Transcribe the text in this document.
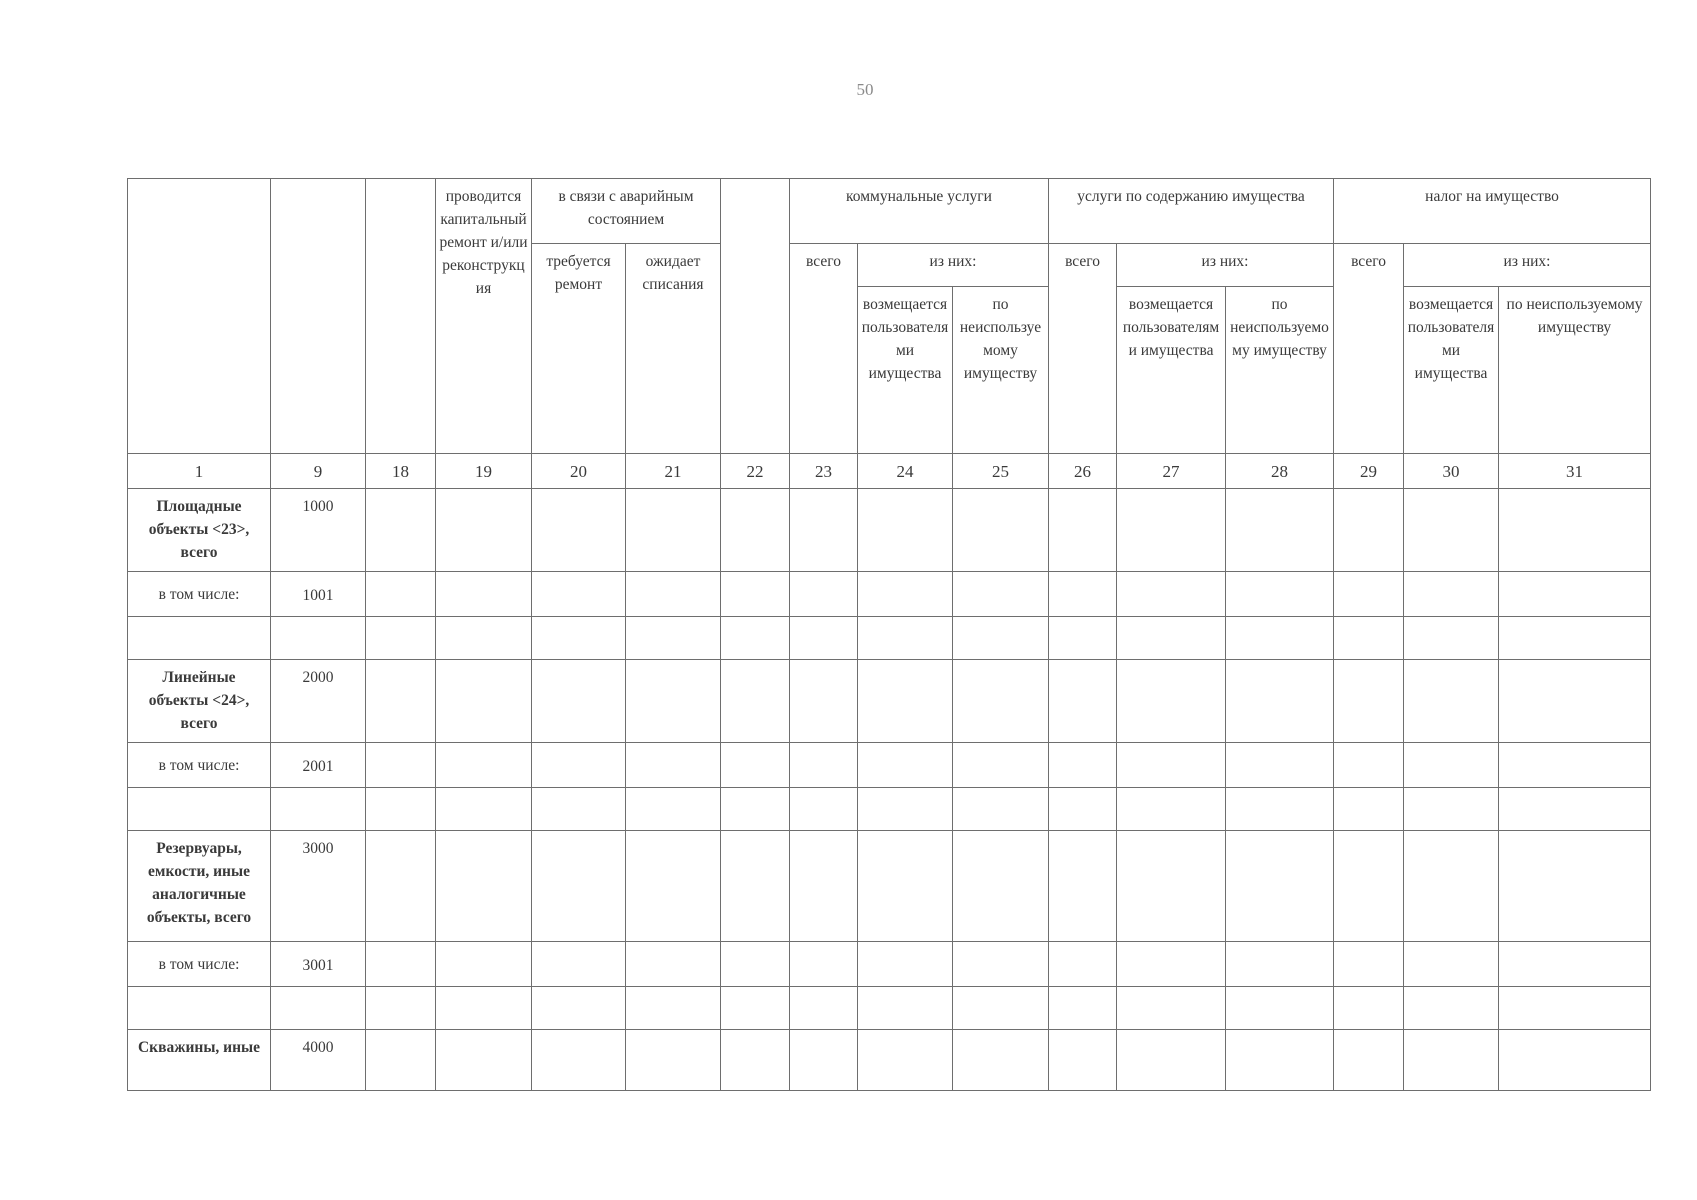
50
			проводится капитальный ремонт и/или реконструкция	в связи с аварийным состоянием			коммунальные услуги			услуги по содержанию имущества			налог на имущество		
				требуется ремонт	ожидает списания		всего	из них:		всего	из них:		всего	из них:	
								возмещается пользователями имущества	по неиспользуемому имуществу		возмещается пользователями имущества	по неиспользуемому имуществу		возмещается пользователями имущества	по неиспользуемому имуществу
1	9	18	19	20	21	22	23	24	25	26	27	28	29	30	31
Площадные объекты <23>, всего	1000														
в том числе:	1001														

Линейные объекты <24>, всего	2000														
в том числе:	2001														

Резервуары, емкости, иные аналогичные объекты, всего	3000														
в том числе:	3001														

Скважины, иные	4000														
